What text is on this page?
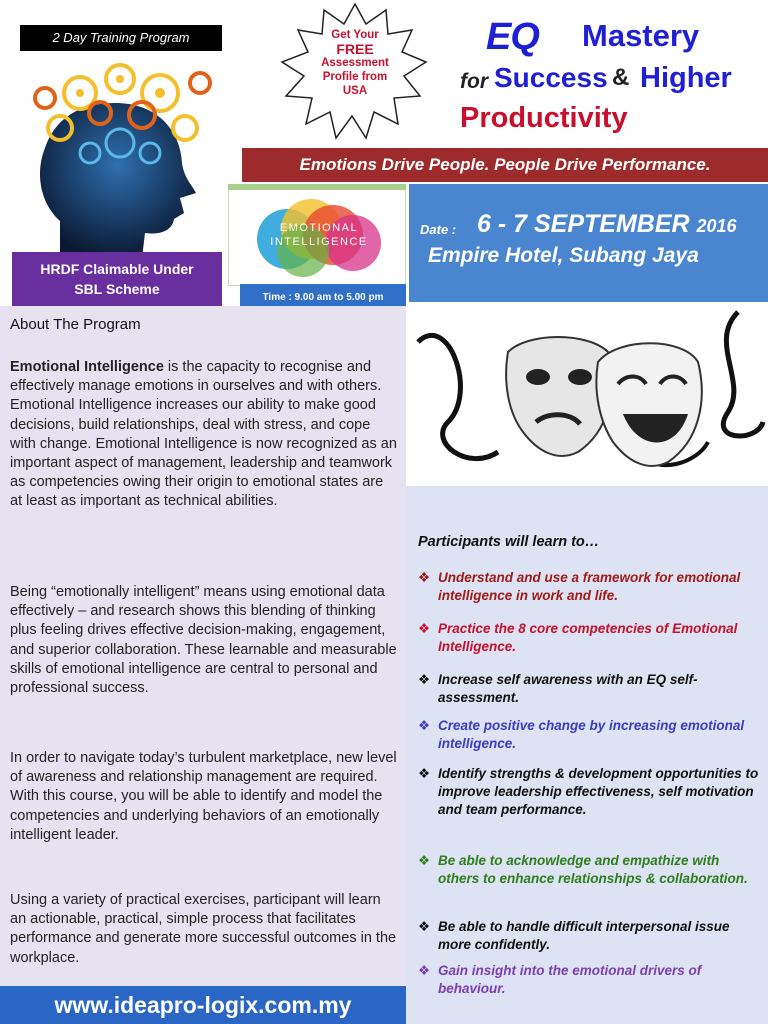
2 Day Training Program
HRDF Claimable Under
SBL Scheme
Get Your
FREE
Assessment
Profile from
USA
EQ Mastery
for Success & Higher
Productivity
Emotions Drive People. People Drive Performance.
EMOTIONAL
INTELLIGENCE
Time : 9.00 am to 5.00 pm
Date : 6 - 7 SEPTEMBER 2016
Empire Hotel, Subang Jaya
About The Program
Emotional Intelligence is the capacity to recognise and effectively manage emotions in ourselves and with others. Emotional Intelligence increases our ability to make good decisions, build relationships, deal with stress, and cope with change. Emotional Intelligence is now recognized as an important aspect of management, leadership and teamwork as competencies owing their origin to emotional states are at least as important as technical abilities.
Being “emotionally intelligent” means using emotional data effectively – and research shows this blending of thinking plus feeling drives effective decision-making, engagement, and superior collaboration. These learnable and measurable skills of emotional intelligence are central to personal and professional success.
In order to navigate today’s turbulent marketplace, new level of awareness and relationship management are required. With this course, you will be able to identify and model the competencies and underlying behaviors of an emotionally intelligent leader.
Using a variety of practical exercises, participant will learn an actionable, practical, simple process that facilitates performance and generate more successful outcomes in the workplace.
www.ideapro-logix.com.my
Participants will learn to…
❖ Understand and use a framework for emotional intelligence in work and life.
❖ Practice the 8 core competencies of Emotional Intelligence.
❖ Increase self awareness with an EQ self-assessment.
❖ Create positive change by increasing emotional intelligence.
❖ Identify strengths & development opportunities to improve leadership effectiveness, self motivation and team performance.
❖ Be able to acknowledge and empathize with others to enhance relationships & collaboration.
❖ Be able to handle difficult interpersonal issue more confidently.
❖ Gain insight into the emotional drivers of behaviour.
